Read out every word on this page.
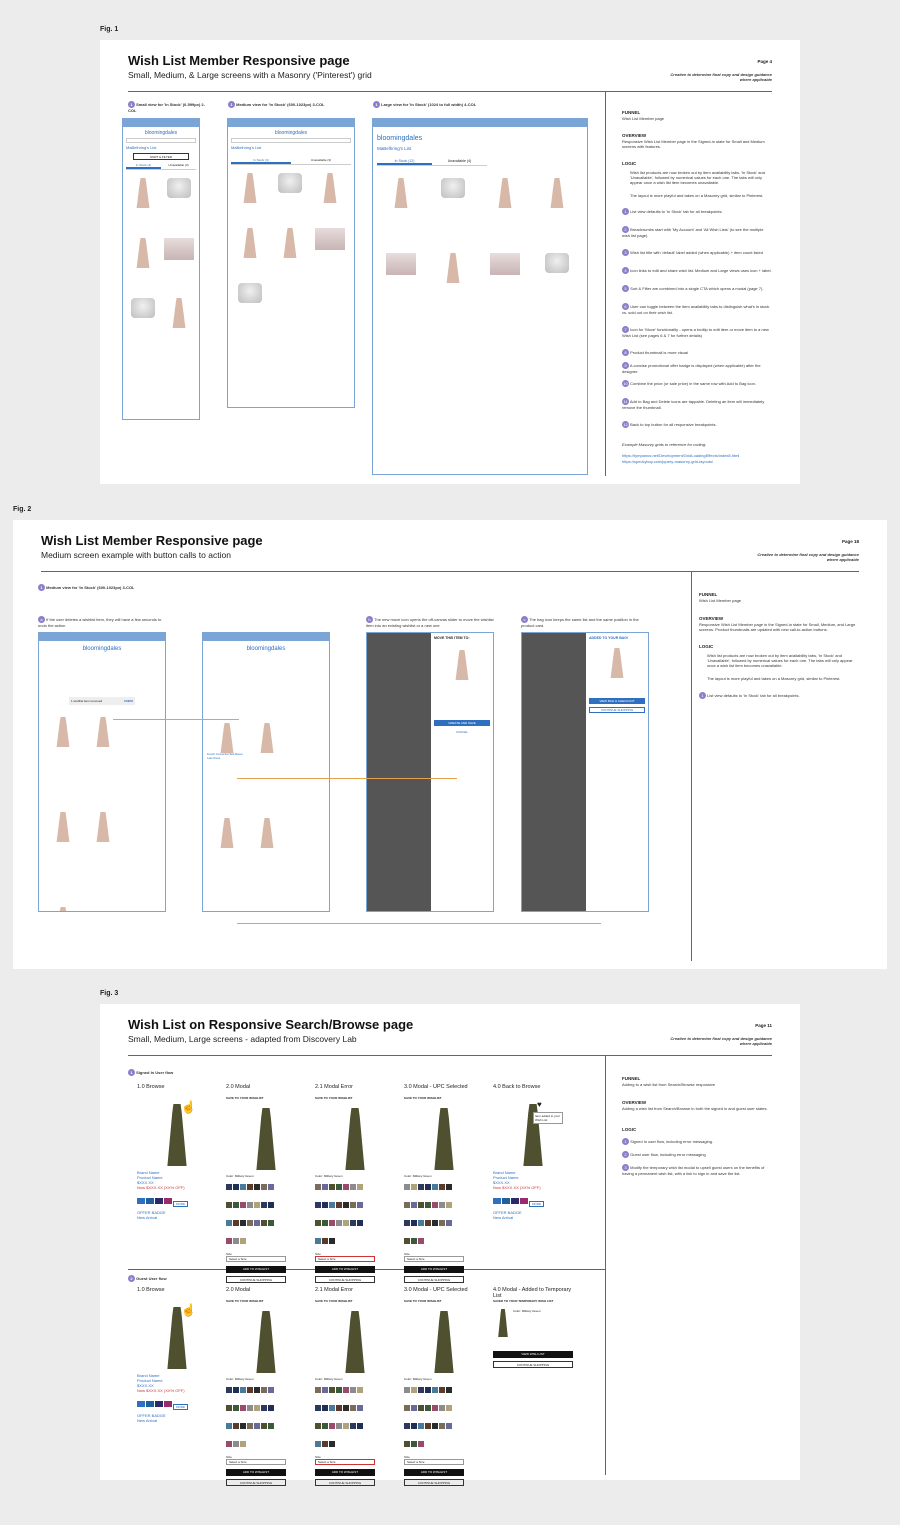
Fig. 1
Wish List Member Responsive page
Small, Medium, & Large screens with a Masonry ('Pinterest') grid
Page 4
Creative to determine final copy and design guidance where applicable
1 Small view for 'In Stock' (0-599px) 2-COL
1 Medium view for 'In Stock' (600-1023px) 3-COL	1 Large view for 'In Stock' (1024 to full width) 4-COL
bloomingdales
MaBelhring's List
SORT & FILTER
In Stock (4)	Unavailable (3)
bloomingdales
MaBelhring's List
In Stock (4)	Unavailable (3)
bloomingdales
MaBelhring's List
In Stock (12)	Unavailable (4)
FUNNEL
Wish List Member page
OVERVIEW
Responsive Wish List Member page in the Signed-in state for Small and Medium screens with features.
LOGIC
Wish list products are now broken out by item availability tabs, 'In Stock' and 'Unavailable', followed by numerical values for each one. The tabs will only appear once a wish list item becomes unavailable.
The layout is more playful and takes on a Masonry grid, similar to Pinterest.
1 List view defaults to 'In Stock' tab for all breakpoints.
2 Breadcrumbs start with 'My Account' and 'All Wish Lists' (to see the multiple wish list page).
3 Wish list title with 'default' label added (when applicable) + item count listed
4 Icon links to edit and share wish list. Medium and Large views uses icon + label.
5 Sort & Filter are combined into a single CTA which opens a modal (page 7).
6 User can toggle between the item availability tabs to distinguish what's in stock vs. sold out on their wish list.
7 Icon for 'Move' functionality - opens a tooltip to edit item or move item to a new Wish List (see pages 6 & 7 for further details)
8 Product thumbnail is more visual
9 A concise promotional offer badge is displayed (when applicable) after the designer.
10 Combine the price (or sale price) in the same row with Add to Bag icon.
11 Add to Bag and Delete icons are tappable. Deleting an item will immediately remove the thumbnail.
12 Back to top button for all responsive breakpoints.
Example Masonry grids to reference for coding:
https://tympanus.net/Development/GridLoadingEffects/index8.html
https://speckyboy.com/jquery-masonry-grid-layouts/
Fig. 2
Wish List Member Responsive page
Medium screen example with button calls to action
Page 18
Creative to determine final copy and design guidance where applicable
1 Medium view for 'In Stock' (600-1023px) 3-COL
a If the user deletes a wishlist item, they will have a few seconds to undo the action
b The new move icon opens the off-canvas slider to move the wishlist item into an existing wishlist or a new one
c The bag icon keeps the same list and the same position in the product card.
bloomingdales
1 wishlist item removed	UNDO
bloomingdales
French Connection Bell-Sleeve Lace Dress
MOVE THIS ITEM TO:
CREATE AND SAVE
CANCEL
ADDED TO YOUR BAG!
VIEW BAG & CHECKOUT
CONTINUE SHOPPING
FUNNEL
Wish List Member page
OVERVIEW
Responsive Wish List Member page in the Signed-in state for Small, Medium, and Large screens. Product thumbnails are updated with new call-to-action buttons.
LOGIC
Wish list products are now broken out by item availability tabs, 'In Stock' and 'Unavailable', followed by numerical values for each one. The tabs will only appear once a wish list item becomes unavailable.
The layout is more playful and takes on a Masonry grid, similar to Pinterest.
1 List view defaults to 'In Stock' tab for all breakpoints.
Fig. 3
Wish List on Responsive Search/Browse page
Small, Medium, Large screens - adapted from Discovery Lab
Page 11
Creative to determine final copy and design guidance where applicable
1 Signed In User flow
2 Guest User flow
1.0 Browse
Brand Name
Product Name
$XXX.XX
Now $XXX.XX (XX% OFF)
MORE
OFFER BADGE
New Arrival
☝
2.0 Modal
SAVE TO YOUR WISHLIST
Color: Military Green
Size
Select a Size
ADD TO WISHLIST
CONTINUE SHOPPING
2.1 Modal Error
SAVE TO YOUR WISHLIST
Color: Military Green
Size
Select a Size
ADD TO WISHLIST
CONTINUE SHOPPING
3.0 Modal - UPC Selected
SAVE TO YOUR WISHLIST
Color: Military Green
Size
Select a Size
ADD TO WISHLIST
CONTINUE SHOPPING
4.0 Back to Browse
Brand Name
Product Name
$XXX.XX
Now $XXX.XX (XX% OFF)
MORE
OFFER BADGE
New Arrival
♥
Item added to your Wish List
1.0 Browse
Brand Name
Product Name
$XXX.XX
Now $XXX.XX (XX% OFF)
MORE
OFFER BADGE
New Arrival
☝
2.0 Modal
SAVE TO YOUR WISHLIST
Color: Military Green
Size
Select a Size
ADD TO WISHLIST
CONTINUE SHOPPING
2.1 Modal Error
SAVE TO YOUR WISHLIST
Color: Military Green
Size
Select a Size
ADD TO WISHLIST
CONTINUE SHOPPING
3.0 Modal - UPC Selected
SAVE TO YOUR WISHLIST
Color: Military Green
Size
Select a Size
ADD TO WISHLIST
CONTINUE SHOPPING
4.0 Modal - Added to Temporary List
SAVED TO YOUR TEMPORARY WISH LIST
Color: Military Green
VIEW WISH LIST
CONTINUE SHOPPING
FUNNEL
Adding to a wish list from Search/Browse responsive
OVERVIEW
Adding a wish list from Search/Browse in both the signed in and guest user states.
LOGIC
1 Signed In user flow, including error messaging.
2 Guest user flow, including error messaging
3 Modify the temporary wish list modal to upsell guest users on the benefits of having a permanent wish list, with a link to sign in and save the list.
